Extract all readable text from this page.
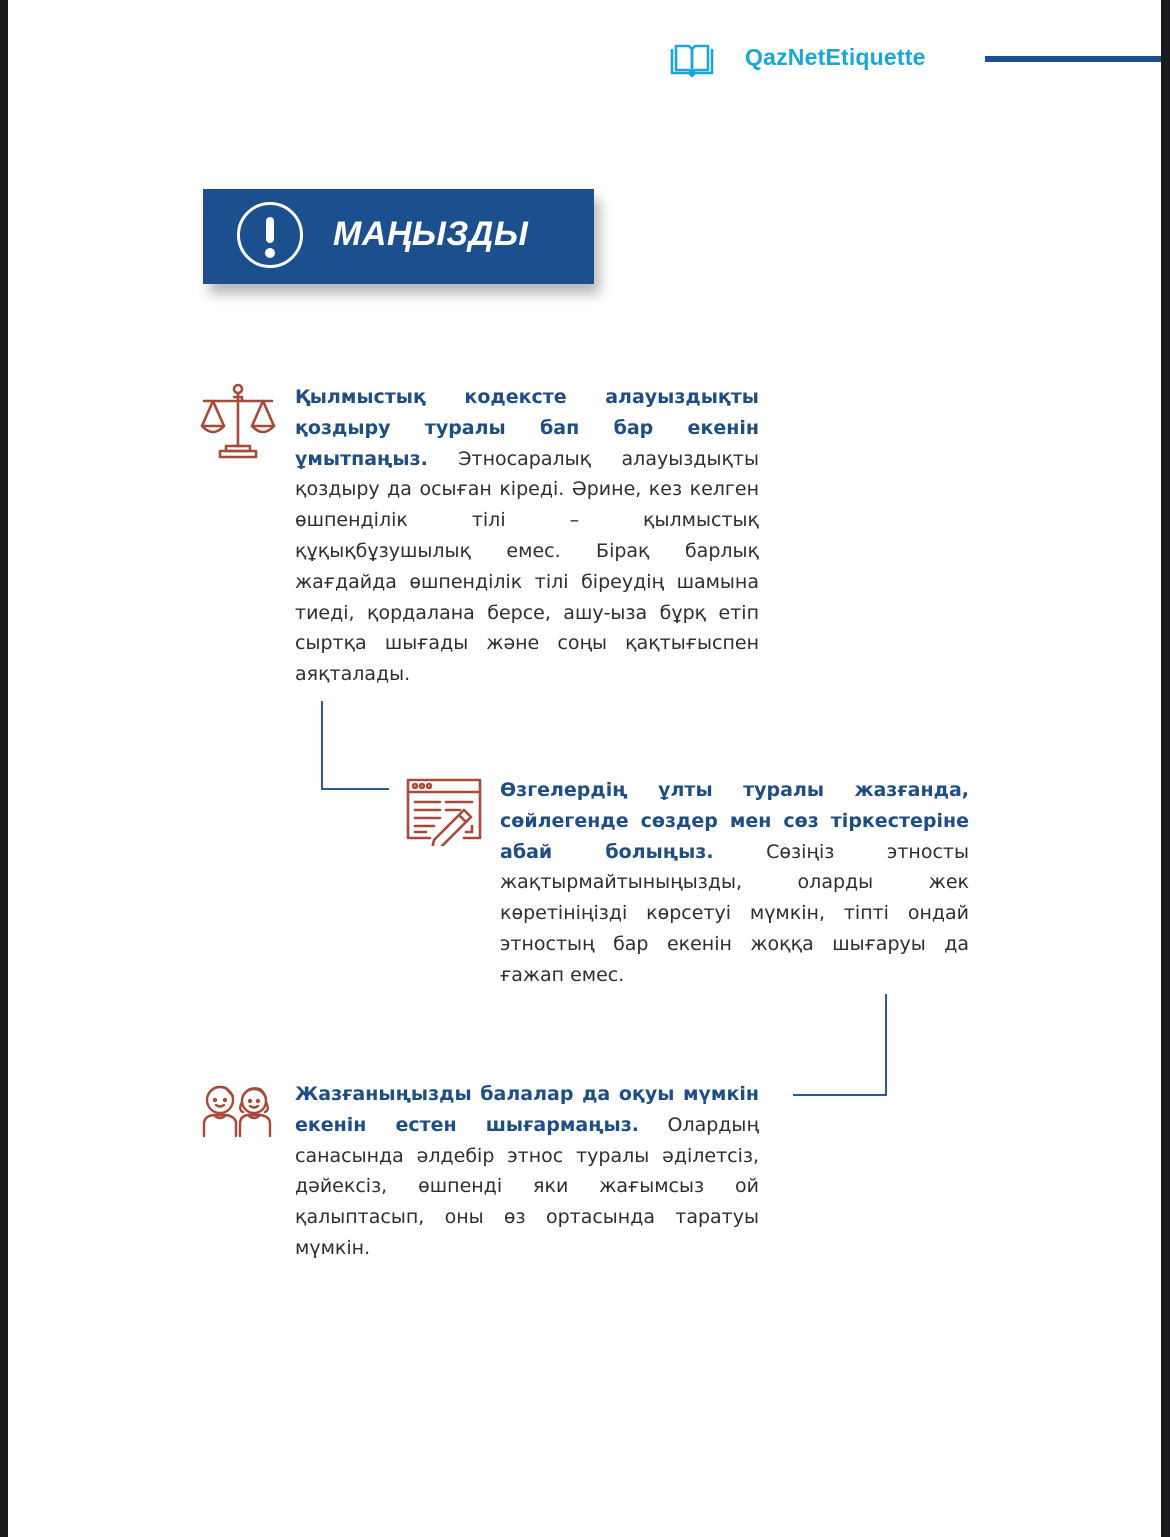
QazNetEtiquette
МАҢЫЗДЫ
Қылмыстық кодексте алауыздықты қоздыру туралы бап бар екенін ұмытпаңыз. Этносаралық алауыздықты қоздыру да осыған кіреді. Әрине, кез келген өшпенділік тілі – қылмыстық құқықбұзушылық емес. Бірақ барлық жағдайда өшпенділік тілі біреудің шамына тиеді, қордалана берсе, ашу-ыза бұрқ етіп сыртқа шығады және соңы қақтығыспен аяқталады.
Өзгелердің ұлты туралы жазғанда, сөйлегенде сөздер мен сөз тіркестеріне абай болыңыз. Сөзіңіз этносты жақтырмайтыныңызды, оларды жек көретініңізді көрсетуі мүмкін, тіпті ондай этностың бар екенін жоққа шығаруы да ғажап емес.
Жазғаныңызды балалар да оқуы мүмкін екенін естен шығармаңыз. Олардың санасында әлдебір этнос туралы әділетсіз, дәйексіз, өшпенді яки жағымсыз ой қалыптасып, оны өз ортасында таратуы мүмкін.
